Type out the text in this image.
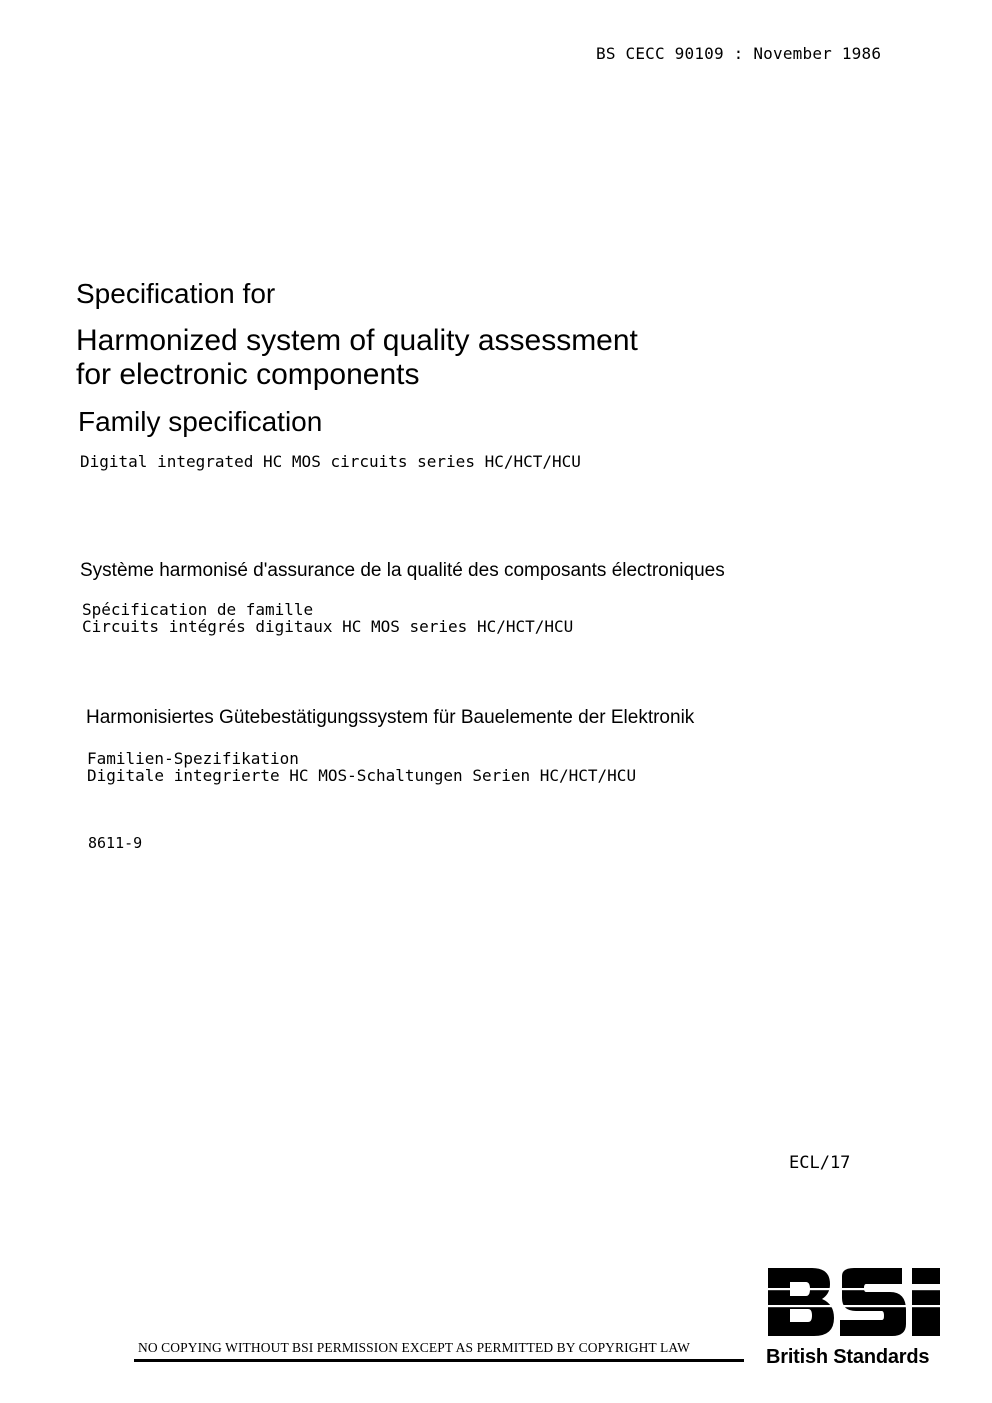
BS CECC 90109 : November 1986
Specification for
Harmonized system of quality assessment
for electronic components
Family specification
Digital integrated HC MOS circuits series HC/HCT/HCU
Système harmonisé d'assurance de la qualité des composants électroniques
Spécification de famille
Circuits intégrés digitaux HC MOS series HC/HCT/HCU
Harmonisiertes Gütebestätigungssystem für Bauelemente der Elektronik
Familien-Spezifikation
Digitale integrierte HC MOS-Schaltungen Serien HC/HCT/HCU
8611-9
ECL/17
NO COPYING WITHOUT BSI PERMISSION EXCEPT AS PERMITTED BY COPYRIGHT LAW	British Standards
